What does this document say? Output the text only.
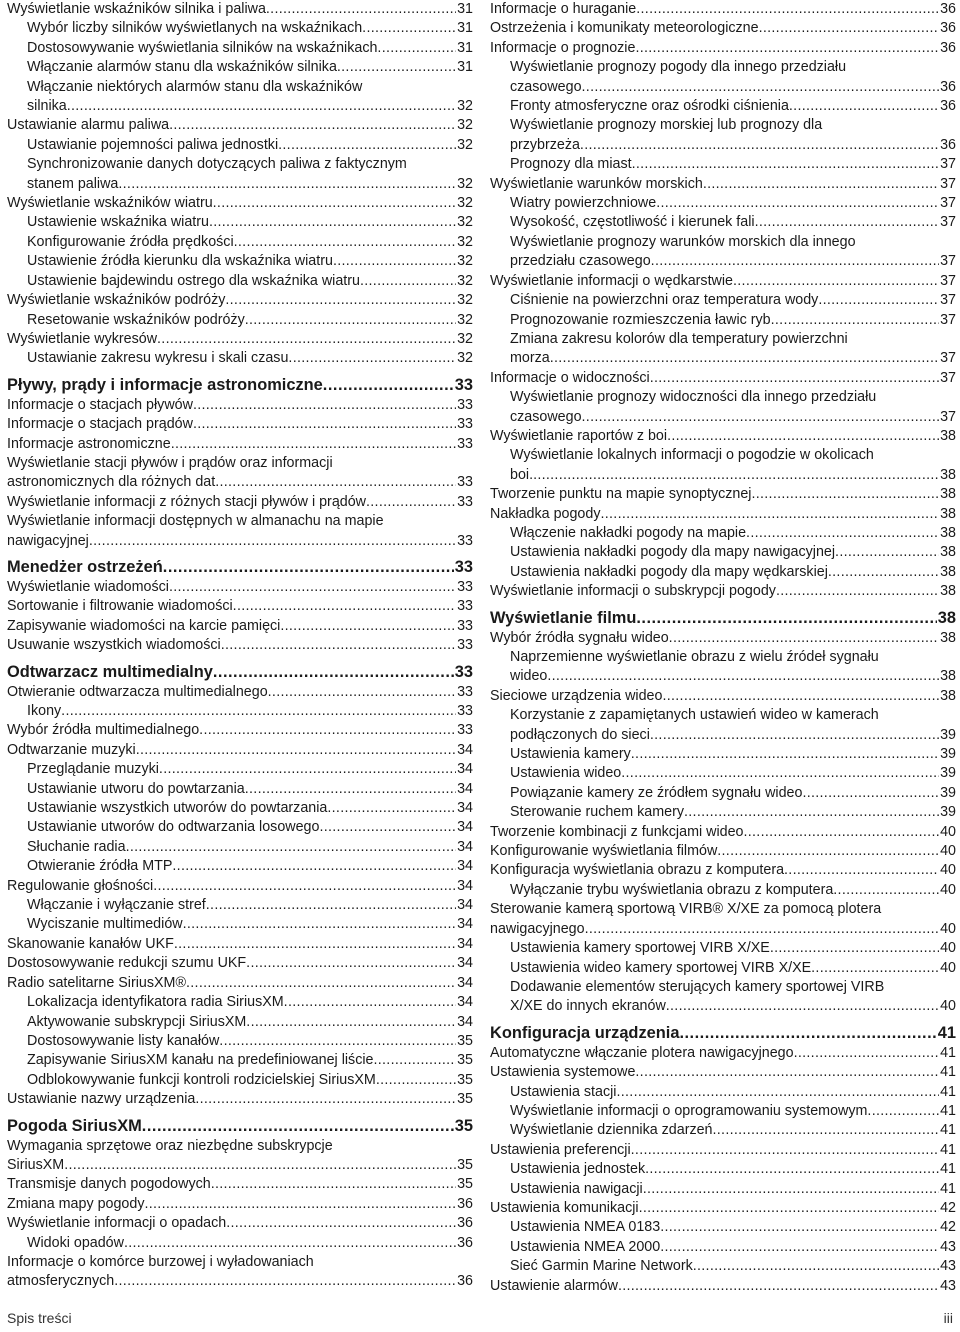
Wyświetlanie wskaźników silnika i paliwa .....	31
Wybór liczby silników wyświetlanych na wskaźnikach .....	31
Dostosowywanie wyświetlania silników na wskaźnikach .....	31
Włączanie alarmów stanu dla wskaźników silnika .....	31
Włączanie niektórych alarmów stanu dla wskaźników
silnika .....	32
Ustawianie alarmu paliwa .....	32
Ustawianie pojemności paliwa jednostki .....	32
Synchronizowanie danych dotyczących paliwa z faktycznym
stanem paliwa .....	32
Wyświetlanie wskaźników wiatru .....	32
Ustawienie wskaźnika wiatru .....	32
Konfigurowanie źródła prędkości .....	32
Ustawienie źródła kierunku dla wskaźnika wiatru .....	32
Ustawienie bajdewindu ostrego dla wskaźnika wiatru .....	32
Wyświetlanie wskaźników podróży .....	32
Resetowanie wskaźników podróży .....	32
Wyświetlanie wykresów .....	32
Ustawianie zakresu wykresu i skali czasu .....	32
Pływy, prądy i informacje astronomiczne .....	33
Informacje o stacjach pływów .....	33
Informacje o stacjach prądów .....	33
Informacje astronomiczne .....	33
Wyświetlanie stacji pływów i prądów oraz informacji
astronomicznych dla różnych dat .....	33
Wyświetlanie informacji z różnych stacji pływów i prądów .....	33
Wyświetlanie informacji dostępnych w almanachu na mapie
nawigacyjnej .....	33
Menedżer ostrzeżeń .....	33
Wyświetlanie wiadomości .....	33
Sortowanie i filtrowanie wiadomości .....	33
Zapisywanie wiadomości na karcie pamięci .....	33
Usuwanie wszystkich wiadomości .....	33
Odtwarzacz multimedialny .....	33
Otwieranie odtwarzacza multimedialnego .....	33
Ikony .....	33
Wybór źródła multimedialnego .....	33
Odtwarzanie muzyki .....	34
Przeglądanie muzyki .....	34
Ustawianie utworu do powtarzania .....	34
Ustawianie wszystkich utworów do powtarzania .....	34
Ustawianie utworów do odtwarzania losowego .....	34
Słuchanie radia .....	34
Otwieranie źródła MTP .....	34
Regulowanie głośności .....	34
Włączanie i wyłączanie stref .....	34
Wyciszanie multimediów .....	34
Skanowanie kanałów UKF .....	34
Dostosowywanie redukcji szumu UKF .....	34
Radio satelitarne SiriusXM® .....	34
Lokalizacja identyfikatora radia SiriusXM .....	34
Aktywowanie subskrypcji SiriusXM .....	34
Dostosowywanie listy kanałów .....	35
Zapisywanie SiriusXM kanału na predefiniowanej liście .....	35
Odblokowywanie funkcji kontroli rodzicielskiej SiriusXM .....	35
Ustawianie nazwy urządzenia .....	35
Pogoda SiriusXM .....	35
Wymagania sprzętowe oraz niezbędne subskrypcje
SiriusXM .....	35
Transmisje danych pogodowych .....	35
Zmiana mapy pogody .....	36
Wyświetlanie informacji o opadach .....	36
Widoki opadów .....	36
Informacje o komórce burzowej i wyładowaniach
atmosferycznych .....	36
Informacje o huraganie .....	36
Ostrzeżenia i komunikaty meteorologiczne .....	36
Informacje o prognozie .....	36
Wyświetlanie prognozy pogody dla innego przedziału
czasowego .....	36
Fronty atmosferyczne oraz ośrodki ciśnienia .....	36
Wyświetlanie prognozy morskiej lub prognozy dla
przybrzeża .....	36
Prognozy dla miast .....	37
Wyświetlanie warunków morskich .....	37
Wiatry powierzchniowe .....	37
Wysokość, częstotliwość i kierunek fali .....	37
Wyświetlanie prognozy warunków morskich dla innego
przedziału czasowego .....	37
Wyświetlanie informacji o wędkarstwie .....	37
Ciśnienie na powierzchni oraz temperatura wody .....	37
Prognozowanie rozmieszczenia ławic ryb .....	37
Zmiana zakresu kolorów dla temperatury powierzchni
morza .....	37
Informacje o widoczności .....	37
Wyświetlanie prognozy widoczności dla innego przedziału
czasowego .....	37
Wyświetlanie raportów z boi .....	38
Wyświetlanie lokalnych informacji o pogodzie w okolicach
boi. .....	38
Tworzenie punktu na mapie synoptycznej .....	38
Nakładka pogody .....	38
Włączenie nakładki pogody na mapie .....	38
Ustawienia nakładki pogody dla mapy nawigacyjnej .....	38
Ustawienia nakładki pogody dla mapy wędkarskiej .....	38
Wyświetlanie informacji o subskrypcji pogody .....	38
Wyświetlanie filmu .....	38
Wybór źródła sygnału wideo .....	38
Naprzemienne wyświetlanie obrazu z wielu źródeł sygnału
wideo .....	38
Sieciowe urządzenia wideo .....	38
Korzystanie z zapamiętanych ustawień wideo w kamerach
podłączonych do sieci .....	39
Ustawienia kamery .....	39
Ustawienia wideo .....	39
Powiązanie kamery ze źródłem sygnału wideo .....	39
Sterowanie ruchem kamery .....	39
Tworzenie kombinacji z funkcjami wideo .....	40
Konfigurowanie wyświetlania filmów .....	40
Konfiguracja wyświetlania obrazu z komputera .....	40
Wyłączanie trybu wyświetlania obrazu z komputera .....	40
Sterowanie kamerą sportową VIRB® X/XE za pomocą plotera
nawigacyjnego .....	40
Ustawienia kamery sportowej VIRB X/XE .....	40
Ustawienia wideo kamery sportowej VIRB X/XE .....	40
Dodawanie elementów sterujących kamery sportowej VIRB
X/XE do innych ekranów .....	40
Konfiguracja urządzenia .....	41
Automatyczne włączanie plotera nawigacyjnego .....	41
Ustawienia systemowe .....	41
Ustawienia stacji .....	41
Wyświetlanie informacji o oprogramowaniu systemowym .....	41
Wyświetlanie dziennika zdarzeń .....	41
Ustawienia preferencji .....	41
Ustawienia jednostek .....	41
Ustawienia nawigacji .....	41
Ustawienia komunikacji .....	42
Ustawienia NMEA 0183 .....	42
Ustawienia NMEA 2000 .....	43
Sieć Garmin Marine Network .....	43
Ustawienie alarmów .....	43
Spis treści	iii
